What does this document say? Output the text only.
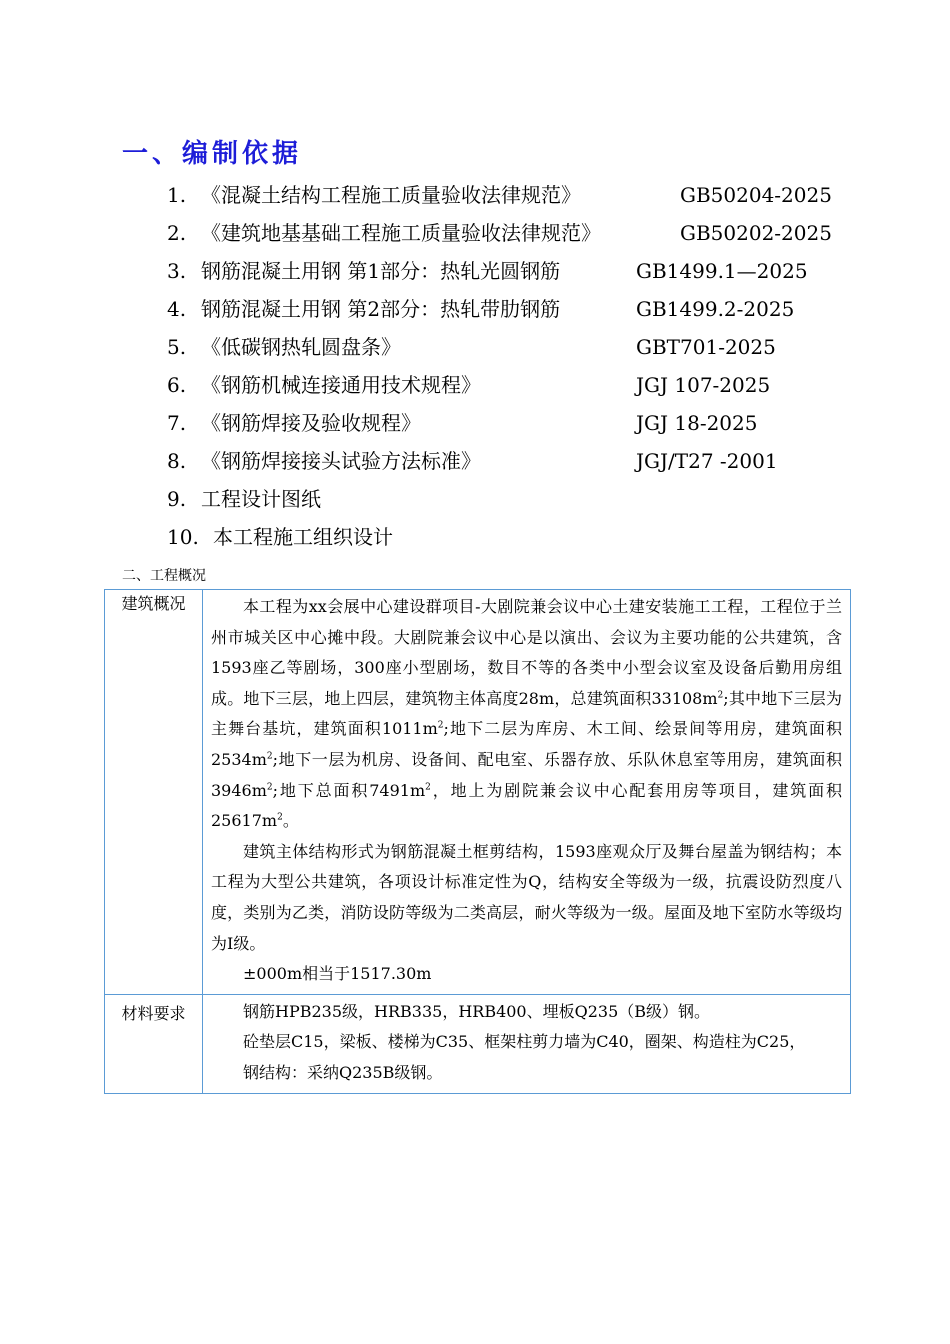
一、编制依据
1. 《混凝土结构工程施工质量验收法律规范》	GB50204-2025
2. 《建筑地基基础工程施工质量验收法律规范》	GB50202-2025
3. 钢筋混凝土用钢 第1部分：热轧光圆钢筋	GB1499.1—2025
4. 钢筋混凝土用钢 第2部分：热轧带肋钢筋	GB1499.2-2025
5. 《低碳钢热轧圆盘条》	GBT701-2025
6. 《钢筋机械连接通用技术规程》	JGJ 107-2025
7. 《钢筋焊接及验收规程》	JGJ 18-2025
8. 《钢筋焊接接头试验方法标准》	JGJ/T27 -2001
9. 工程设计图纸
10. 本工程施工组织设计
二、工程概况
建筑概况	本工程为xx会展中心建设群项目-大剧院兼会议中心土建安装施工工程，工程位于兰州市城关区中心摊中段。大剧院兼会议中心是以演出、会议为主要功能的公共建筑，含1593座乙等剧场，300座小型剧场，数目不等的各类中小型会议室及设备后勤用房组成。地下三层，地上四层，建筑物主体高度28m，总建筑面积$33108m^2$;其中地下三层为主舞台基坑，建筑面积$1011m^2$;地下二层为库房、木工间、绘景间等用房，建筑面积$2534m^2$;地下一层为机房、设备间、配电室、乐器存放、乐队休息室等用房，建筑面积$3946m^2$;地下总面积$7491m^2$，地上为剧院兼会议中心配套用房等项目，建筑面积$25617m^2$。

建筑主体结构形式为钢筋混凝土框剪结构，1593座观众厅及舞台屋盖为钢结构；本工程为大型公共建筑，各项设计标准定性为Q，结构安全等级为一级，抗震设防烈度八度，类别为乙类，消防设防等级为二类高层，耐火等级为一级。屋面及地下室防水等级均为Ⅰ级。

±000m相当于1517.30m

材料要求	钢筋HPB235级，HRB335，HRB400、埋板Q235（B级）钢。

砼垫层C15，梁板、楼梯为C35、框架柱剪力墙为C40，圈架、构造柱为C25，

钢结构：采纳Q235B级钢。
